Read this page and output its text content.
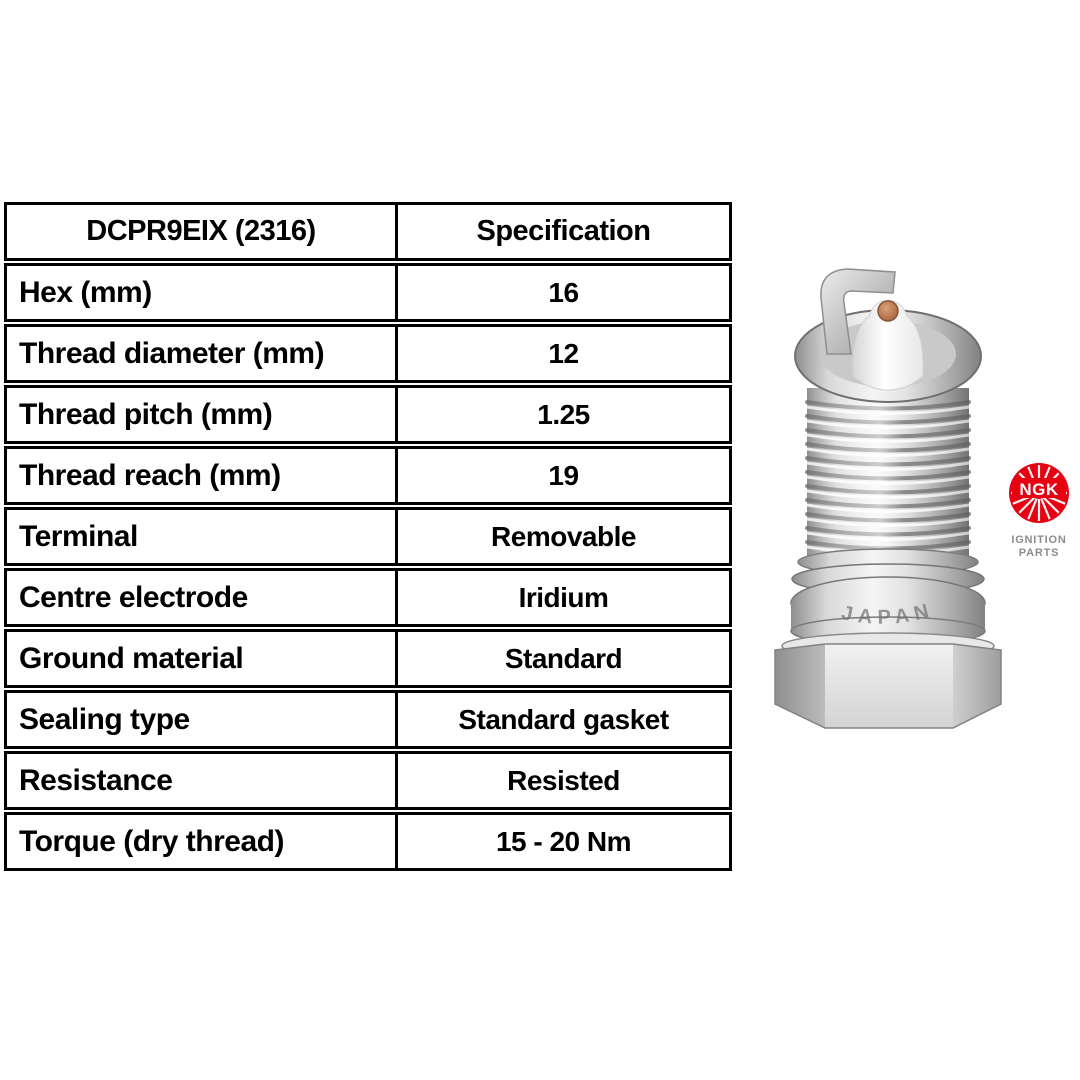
DCPR9EIX (2316)	Specification
Hex (mm)	16
Thread diameter (mm)	12
Thread pitch (mm)	1.25
Thread reach (mm)	19
Terminal	Removable
Centre electrode	Iridium
Ground material	Standard
Sealing type	Standard gasket
Resistance	Resisted
Torque (dry thread)	15 - 20 Nm
JAPAN
NGK
IGNITION
PARTS
